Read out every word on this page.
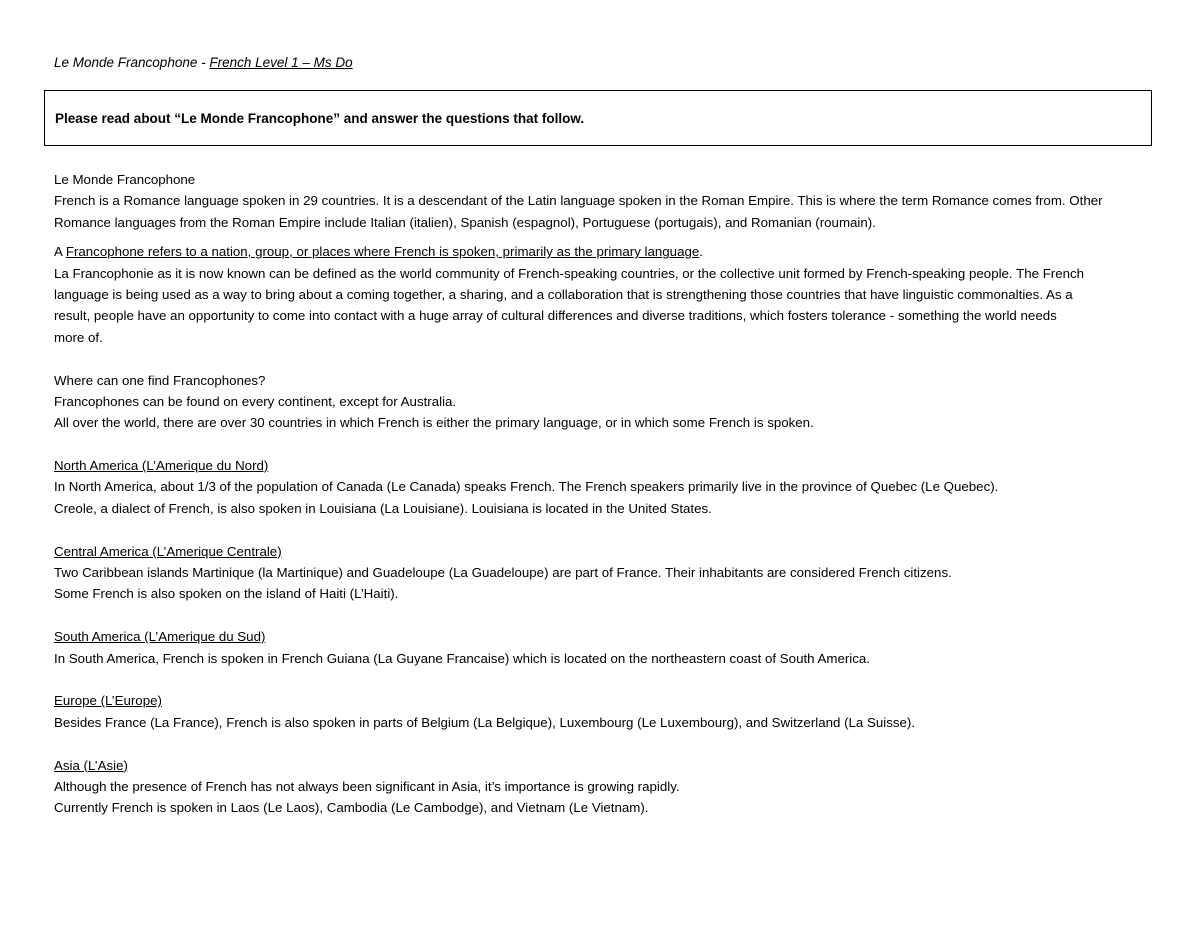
Le Monde Francophone - French Level 1 – Ms Do
Please read about “Le Monde Francophone” and answer the questions that follow.
Le Monde Francophone
French is a Romance language spoken in 29 countries. It is a descendant of the Latin language spoken in the Roman Empire. This is where the term Romance comes from. Other
Romance languages from the Roman Empire include Italian (italien), Spanish (espagnol), Portuguese (portugais), and Romanian (roumain).
A Francophone refers to a nation, group, or places where French is spoken, primarily as the primary language.
La Francophonie as it is now known can be defined as the world community of French-speaking countries, or the collective unit formed by French-speaking people. The French
language is being used as a way to bring about a coming together, a sharing, and a collaboration that is strengthening those countries that have linguistic commonalties. As a
result, people have an opportunity to come into contact with a huge array of cultural differences and diverse traditions, which fosters tolerance - something the world needs
more of.
Where can one find Francophones?
Francophones can be found on every continent, except for Australia.
All over the world, there are over 30 countries in which French is either the primary language, or in which some French is spoken.
North America (L’Amerique du Nord)
In North America, about 1/3 of the population of Canada (Le Canada) speaks French. The French speakers primarily live in the province of Quebec (Le Quebec).
Creole, a dialect of French, is also spoken in Louisiana (La Louisiane). Louisiana is located in the United States.
Central America (L’Amerique Centrale)
Two Caribbean islands Martinique (la Martinique) and Guadeloupe (La Guadeloupe) are part of France. Their inhabitants are considered French citizens.
Some French is also spoken on the island of Haiti (L’Haiti).
South America (L’Amerique du Sud)
In South America, French is spoken in French Guiana (La Guyane Francaise) which is located on the northeastern coast of South America.
Europe (L’Europe)
Besides France (La France), French is also spoken in parts of Belgium (La Belgique), Luxembourg (Le Luxembourg), and Switzerland (La Suisse).
Asia (L’Asie)
Although the presence of French has not always been significant in Asia, it’s importance is growing rapidly.
Currently French is spoken in Laos (Le Laos), Cambodia (Le Cambodge), and Vietnam (Le Vietnam).
